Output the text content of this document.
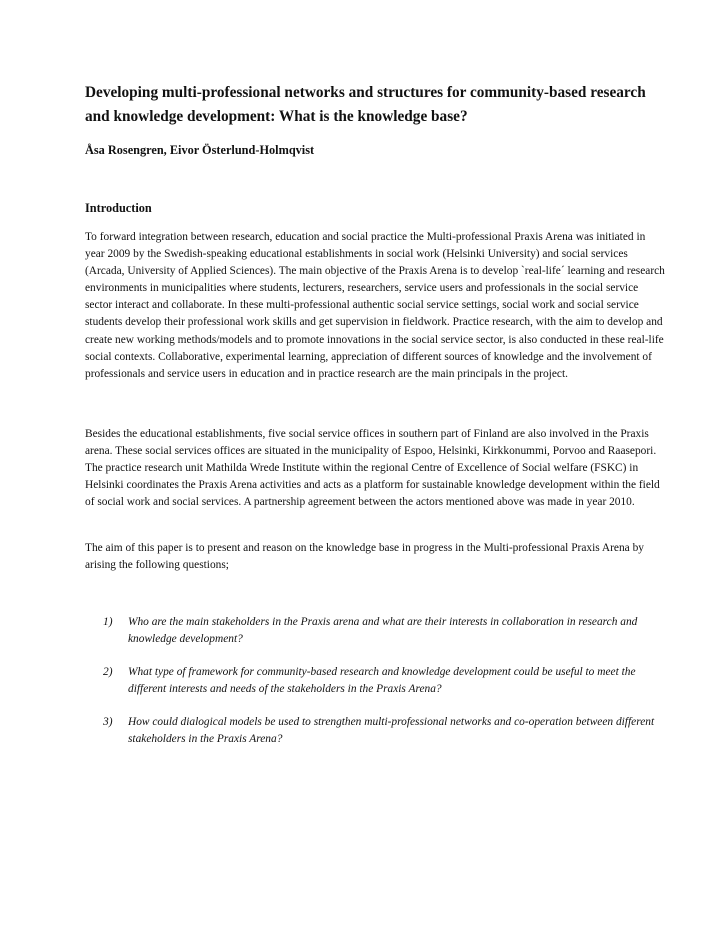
Developing multi-professional networks and structures for community-based research and knowledge development: What is the knowledge base?

Åsa Rosengren, Eivor Österlund-Holmqvist

Introduction

To forward integration between research, education and social practice the Multi-professional Praxis Arena was initiated in year 2009 by the Swedish-speaking educational establishments in social work (Helsinki University) and social services (Arcada, University of Applied Sciences). The main objective of the Praxis Arena is to develop `real-life´ learning and research environments in municipalities where students, lecturers, researchers, service users and professionals in the social service sector interact and collaborate. In these multi-professional authentic social service settings, social work and social service students develop their professional work skills and get supervision in fieldwork. Practice research, with the aim to develop and create new working methods/models and to promote innovations in the social service sector, is also conducted in these real-life social contexts. Collaborative, experimental learning, appreciation of different sources of knowledge and the involvement of professionals and service users in education and in practice research are the main principals in the project.

Besides the educational establishments, five social service offices in southern part of Finland are also involved in the Praxis arena. These social services offices are situated in the municipality of Espoo, Helsinki, Kirkkonummi, Porvoo and Raasepori. The practice research unit Mathilda Wrede Institute within the regional Centre of Excellence of Social welfare (FSKC) in Helsinki coordinates the Praxis Arena activities and acts as a platform for sustainable knowledge development within the field of social work and social services. A partnership agreement between the actors mentioned above was made in year 2010.

The aim of this paper is to present and reason on the knowledge base in progress in the Multi-professional Praxis Arena by arising the following questions;

1) Who are the main stakeholders in the Praxis arena and what are their interests in collaboration in research and knowledge development?
2) What type of framework for community-based research and knowledge development could be useful to meet the different interests and needs of the stakeholders in the Praxis Arena?
3) How could dialogical models be used to strengthen multi-professional networks and co-operation between different stakeholders in the Praxis Arena?
